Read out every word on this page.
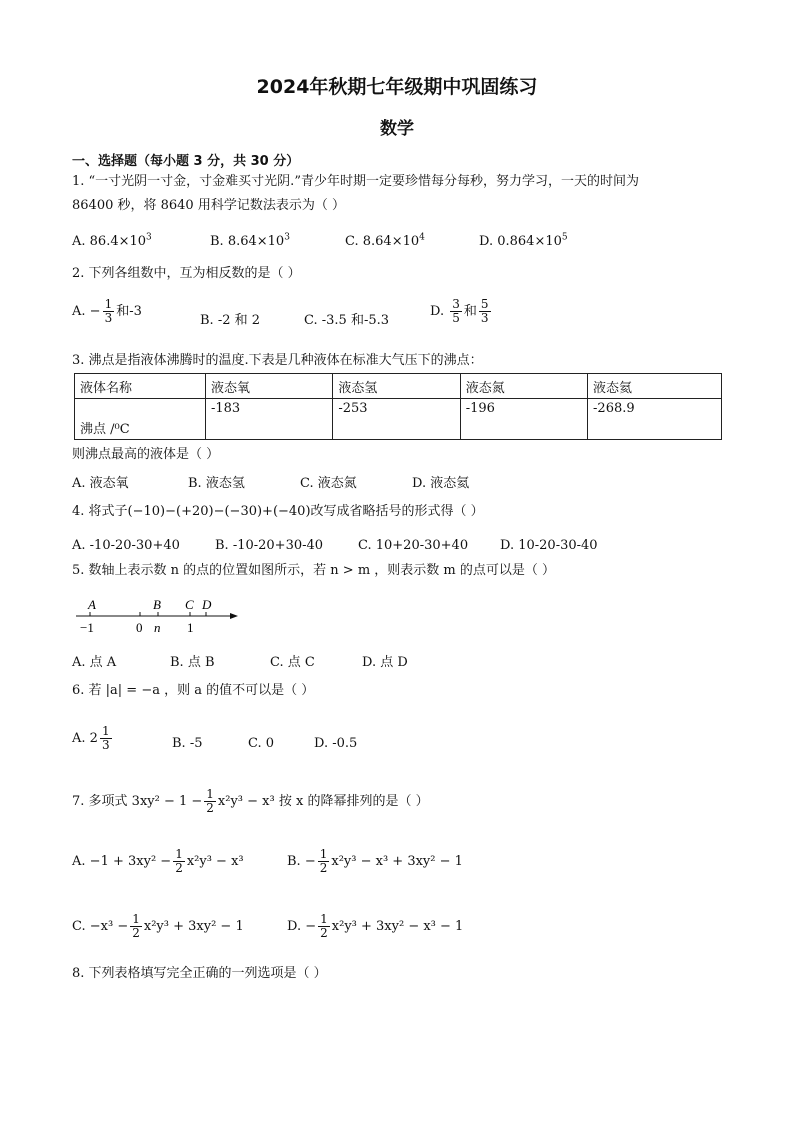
2024年秋期七年级期中巩固练习
数学
一、选择题（每小题 3 分，共 30 分）
1. “一寸光阴一寸金，寸金难买寸光阴.”青少年时期一定要珍惜每分每秒，努力学习，一天的时间为
86400 秒，将 8640 用科学记数法表示为（ ）
A. $86.4\times 10^3$	B. $8.64\times 10^3$	C. $8.64\times 10^4$	D. $0.864\times 10^5$
2. 下列各组数中，互为相反数的是（ ）
A. − $\frac{1}{3}$ 和-3
B. -2 和 2	C. -3.5 和-5.3
D. $\frac{3}{5}$ 和 $\frac{5}{3}$
3. 沸点是指液体沸腾时的温度.下表是几种液体在标准大气压下的沸点：
液体名称	液态氧	液态氢	液态氮	液态氦
沸点 /⁰C	-183	-253	-196	-268.9
则沸点最高的液体是（ ）
A. 液态氧	B. 液态氢	C. 液态氮	D. 液态氦
4. 将式子(−10)−(+20)−(−30)+(−40)改写成省略括号的形式得（ ）
A. -10-20-30+40	B. -10-20+30-40	C. 10+20-30+40 D. 10-20-30-40
5. 数轴上表示数 n 的点的位置如图所示，若 n > m ，则表示数 m 的点可以是（ ）
A	B C D
−1	0 n 1
A. 点 A	B. 点 B	C. 点 C	D. 点 D
6. 若 |a| = −a ，则 a 的值不可以是（ ）
A. $2 \frac{1}{3}$	B. -5	C. 0	D. -0.5
7. 多项式 $3xy^2 - 1 - \frac{1}{2} x^2y^3 - x^3$ 按 x 的降幂排列的是（ ）
A. $-1 + 3xy^2 - \frac{1}{2} x^2y^3 - x^3$	B. − $\frac{1}{2} x^2y^3 - x^3 + 3xy^2 - 1$
C. $-x^3 - \frac{1}{2} x^2y^3 + 3xy^2 - 1$	D. − $\frac{1}{2} x^2y^3 + 3xy^2 - x^3 - 1$
8. 下列表格填写完全正确的一列选项是（ ）
